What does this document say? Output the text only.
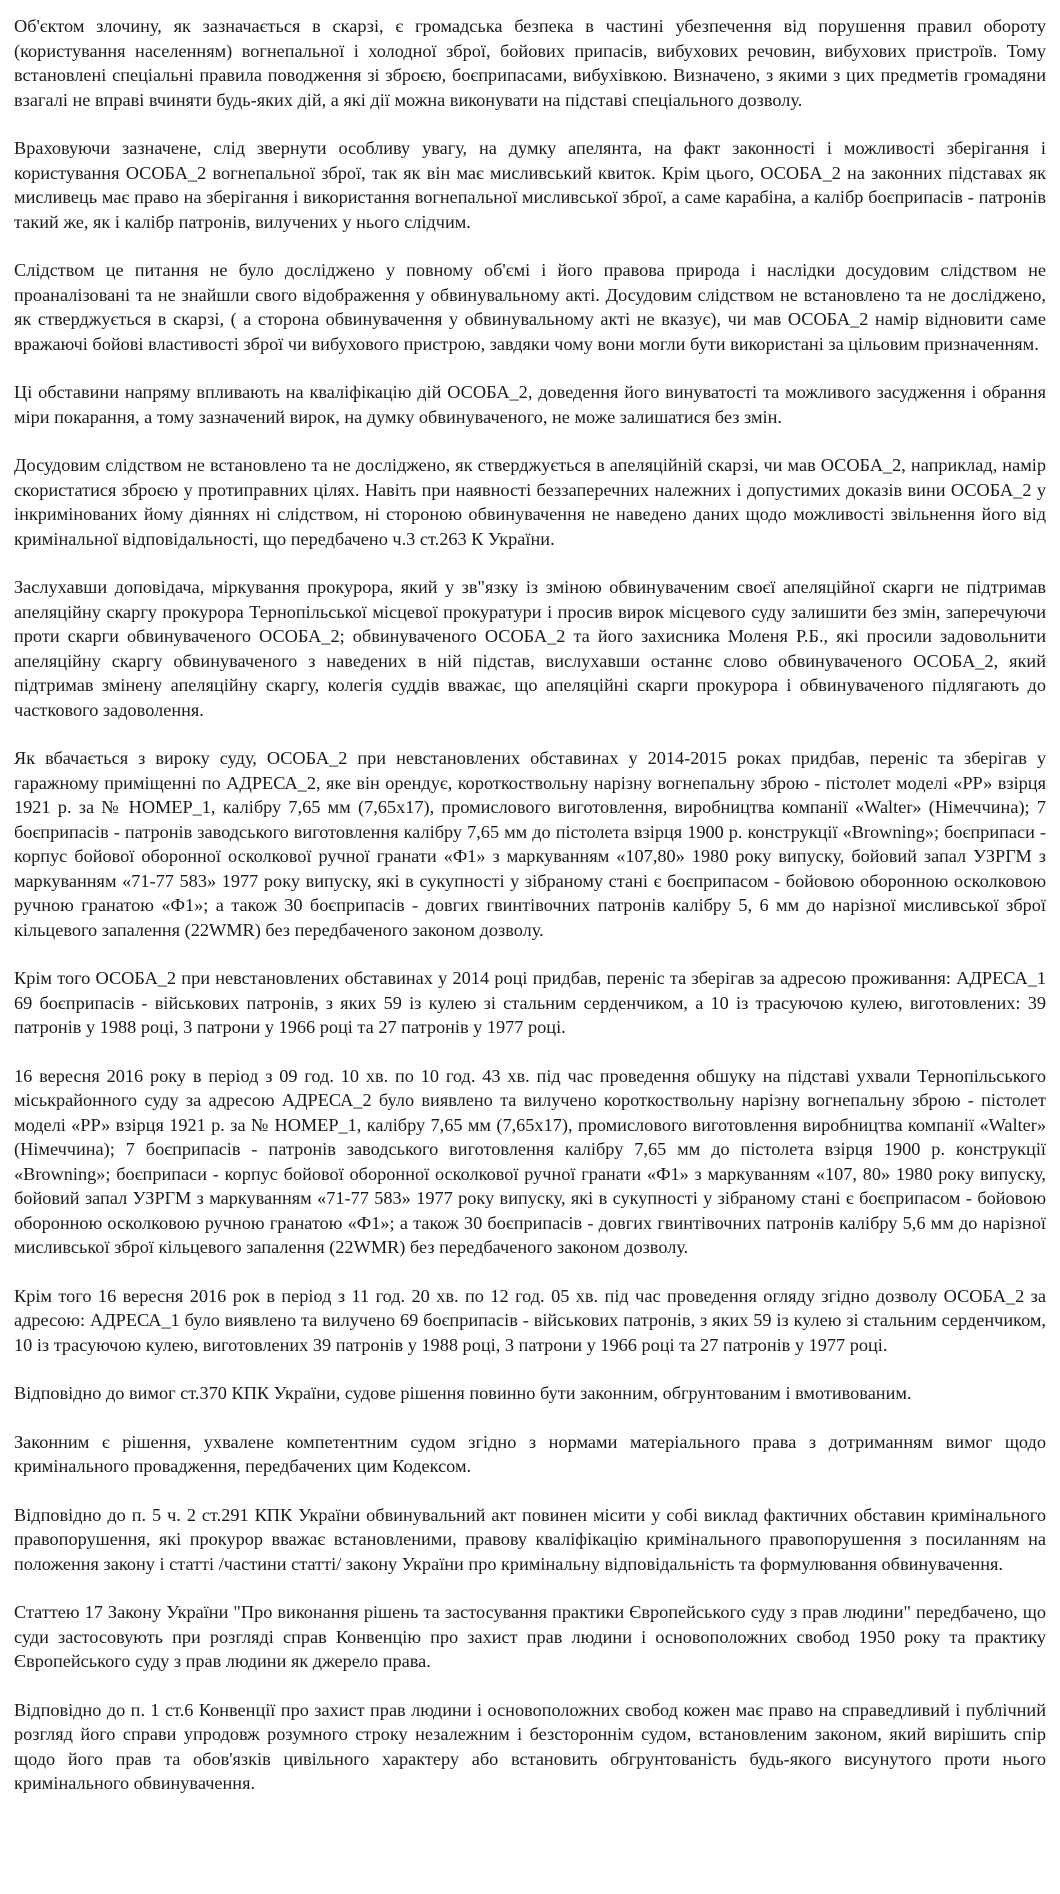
Об'єктом злочину, як зазначається в скарзі, є громадська безпека в частині убезпечення від порушення правил обороту (користування населенням) вогнепальної і холодної зброї, бойових припасів, вибухових речовин, вибухових пристроїв. Тому встановлені спеціальні правила поводження зі зброєю, боєприпасами, вибухівкою. Визначено, з якими з цих предметів громадяни взагалі не вправі вчиняти будь-яких дій, а які дії можна виконувати на підставі спеціального дозволу.

Враховуючи зазначене, слід звернути особливу увагу, на думку апелянта, на факт законності і можливості зберігання і користування ОСОБА_2 вогнепальної зброї, так як він має мисливський квиток. Крім цього, ОСОБА_2 на законних підставах як мисливець має право на зберігання і використання вогнепальної мисливської зброї, а саме карабіна, а калібр боєприпасів - патронів такий же, як і калібр патронів, вилучених у нього слідчим.

Слідством це питання не було досліджено у повному об'ємі і його правова природа і наслідки досудовим слідством не проаналізовані та не знайшли свого відображення у обвинувальному акті. Досудовим слідством не встановлено та не досліджено, як стверджується в скарзі, ( а сторона обвинувачення у обвинувальному акті не вказує), чи мав ОСОБА_2 намір відновити саме вражаючі бойові властивості зброї чи вибухового пристрою, завдяки чому вони могли бути використані за цільовим призначенням.

Ці обставини напряму впливають на кваліфікацію дій ОСОБА_2, доведення його винуватості та можливого засудження і обрання міри покарання, а тому зазначений вирок, на думку обвинуваченого, не може залишатися без змін.

Досудовим слідством не встановлено та не досліджено, як стверджується в апеляційній скарзі, чи мав ОСОБА_2, наприклад, намір скористатися зброєю у протиправних цілях. Навіть при наявності беззаперечних належних і допустимих доказів вини ОСОБА_2 у інкримінованих йому діяннях ні слідством, ні стороною обвинувачення не наведено даних щодо можливості звільнення його від кримінальної відповідальності, що передбачено ч.3 ст.263 К України.

Заслухавши доповідача, міркування прокурора, який у зв"язку із зміною обвинуваченим своєї апеляційної скарги не підтримав апеляційну скаргу прокурора Тернопільської місцевої прокуратури і просив вирок місцевого суду залишити без змін, заперечуючи проти скарги обвинуваченого ОСОБА_2; обвинуваченого ОСОБА_2 та його захисника Моленя Р.Б., які просили задовольнити апеляційну скаргу обвинуваченого з наведених в ній підстав, вислухавши останнє слово обвинуваченого ОСОБА_2, який підтримав змінену апеляційну скаргу, колегія суддів вважає, що апеляційні скарги прокурора і обвинуваченого підлягають до часткового задоволення.

Як вбачається з вироку суду, ОСОБА_2 при невстановлених обставинах у 2014-2015 роках придбав, переніс та зберігав у гаражному приміщенні по АДРЕСА_2, яке він орендує, короткоствольну нарізну вогнепальну зброю - пістолет моделі «РР» взірця 1921 р. за № НОМЕР_1, калібру 7,65 мм (7,65х17), промислового виготовлення, виробництва компанії «Walter» (Німеччина); 7 боєприпасів - патронів заводського виготовлення калібру 7,65 мм до пістолета взірця 1900 р. конструкції «Browning»; боєприпаси - корпус бойової оборонної осколкової ручної гранати «Ф1» з маркуванням «107,80» 1980 року випуску, бойовий запал УЗРГМ з маркуванням «71-77 583» 1977 року випуску, які в сукупності у зібраному стані є боєприпасом - бойовою оборонною осколковою ручною гранатою «Ф1»; а також 30 боєприпасів - довгих гвинтівочних патронів калібру 5, 6 мм до нарізної мисливської зброї кільцевого запалення (22WMR) без передбаченого законом дозволу.

Крім того ОСОБА_2 при невстановлених обставинах у 2014 році придбав, переніс та зберігав за адресою проживання: АДРЕСА_1 69 боєприпасів - військових патронів, з яких 59 із кулею зі стальним серденчиком, а 10 із трасуючою кулею, виготовлених: 39 патронів у 1988 році, 3 патрони у 1966 році та 27 патронів у 1977 році.

16 вересня 2016 року в період з 09 год. 10 хв. по 10 год. 43 хв. під час проведення обшуку на підставі ухвали Тернопільського міськрайонного суду за адресою АДРЕСА_2 було виявлено та вилучено короткоствольну нарізну вогнепальну зброю - пістолет моделі «РР» взірця 1921 р. за № НОМЕР_1, калібру 7,65 мм (7,65х17), промислового виготовлення виробництва компанії «Walter» (Німеччина); 7 боєприпасів - патронів заводського виготовлення калібру 7,65 мм до пістолета взірця 1900 р. конструкції «Browning»; боєприпаси - корпус бойової оборонної осколкової ручної гранати «Ф1» з маркуванням «107, 80» 1980 року випуску, бойовий запал УЗРГМ з маркуванням «71-77 583» 1977 року випуску, які в сукупності у зібраному стані є боєприпасом - бойовою оборонною осколковою ручною гранатою «Ф1»; а також 30 боєприпасів - довгих гвинтівочних патронів калібру 5,6 мм до нарізної мисливської зброї кільцевого запалення (22WMR) без передбаченого законом дозволу.

Крім того 16 вересня 2016 рок в період з 11 год. 20 хв. по 12 год. 05 хв. під час проведення огляду згідно дозволу ОСОБА_2 за адресою: АДРЕСА_1 було виявлено та вилучено 69 боєприпасів - військових патронів, з яких 59 із кулею зі стальним серденчиком, 10 із трасуючою кулею, виготовлених 39 патронів у 1988 році, 3 патрони у 1966 році та 27 патронів у 1977 році.

Відповідно до вимог ст.370 КПК України, судове рішення повинно бути законним, обгрунтованим і вмотивованим.

Законним є рішення, ухвалене компетентним судом згідно з нормами матеріального права з дотриманням вимог щодо кримінального провадження, передбачених цим Кодексом.

Відповідно до п. 5 ч. 2 ст.291 КПК України обвинувальний акт повинен місити у собі виклад фактичних обставин кримінального правопорушення, які прокурор вважає встановленими, правову кваліфікацію кримінального правопорушення з посиланням на положення закону і статті /частини статті/ закону України про кримінальну відповідальність та формулювання обвинувачення.

Статтею 17 Закону України "Про виконання рішень та застосування практики Європейського суду з прав людини" передбачено, що суди застосовують при розгляді справ Конвенцію про захист прав людини і основоположних свобод 1950 року та практику Європейського суду з прав людини як джерело права.

Відповідно до п. 1 ст.6 Конвенції про захист прав людини і основоположних свобод кожен має право на справедливий і публічний розгляд його справи упродовж розумного строку незалежним і безстороннім судом, встановленим законом, який вирішить спір щодо його прав та обов'язків цивільного характеру або встановить обгрунтованість будь-якого висунутого проти нього кримінального обвинувачення.
